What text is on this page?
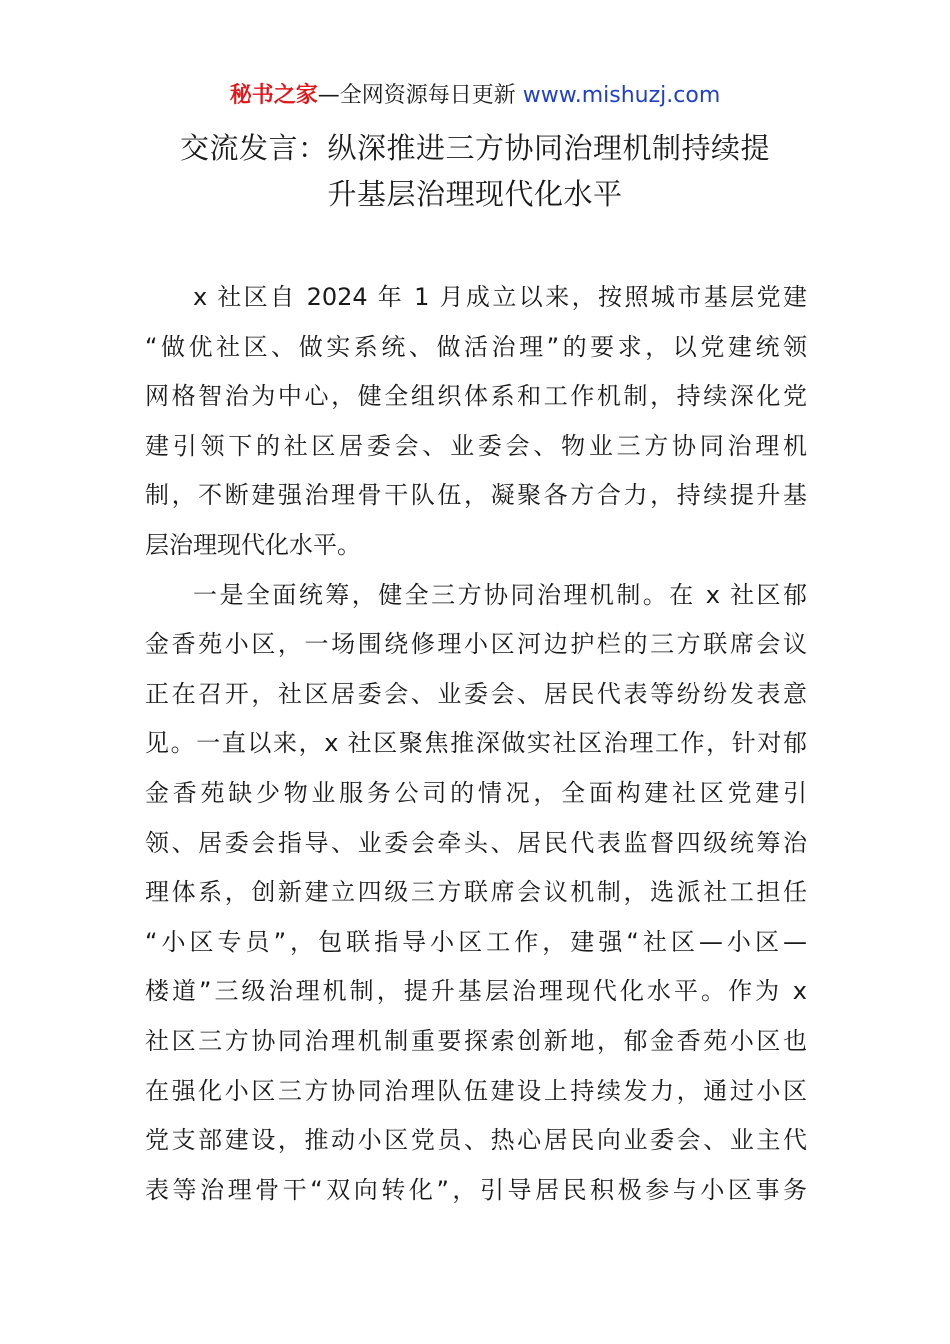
秘书之家—全网资源每日更新 www.mishuzj.com
交流发言：纵深推进三方协同治理机制持续提
升基层治理现代化水平
x 社区自 2024 年 1 月成立以来，按照城市基层党建
“做优社区、做实系统、做活治理”的要求，以党建统领
网格智治为中心，健全组织体系和工作机制，持续深化党
建引领下的社区居委会、业委会、物业三方协同治理机
制，不断建强治理骨干队伍，凝聚各方合力，持续提升基
层治理现代化水平。
一是全面统筹，健全三方协同治理机制。在 x 社区郁
金香苑小区，一场围绕修理小区河边护栏的三方联席会议
正在召开，社区居委会、业委会、居民代表等纷纷发表意
见。一直以来，x 社区聚焦推深做实社区治理工作，针对郁
金香苑缺少物业服务公司的情况，全面构建社区党建引
领、居委会指导、业委会牵头、居民代表监督四级统筹治
理体系，创新建立四级三方联席会议机制，选派社工担任
“小区专员”，包联指导小区工作，建强“社区—小区—
楼道”三级治理机制，提升基层治理现代化水平。作为 x
社区三方协同治理机制重要探索创新地，郁金香苑小区也
在强化小区三方协同治理队伍建设上持续发力，通过小区
党支部建设，推动小区党员、热心居民向业委会、业主代
表等治理骨干“双向转化”，引导居民积极参与小区事务
